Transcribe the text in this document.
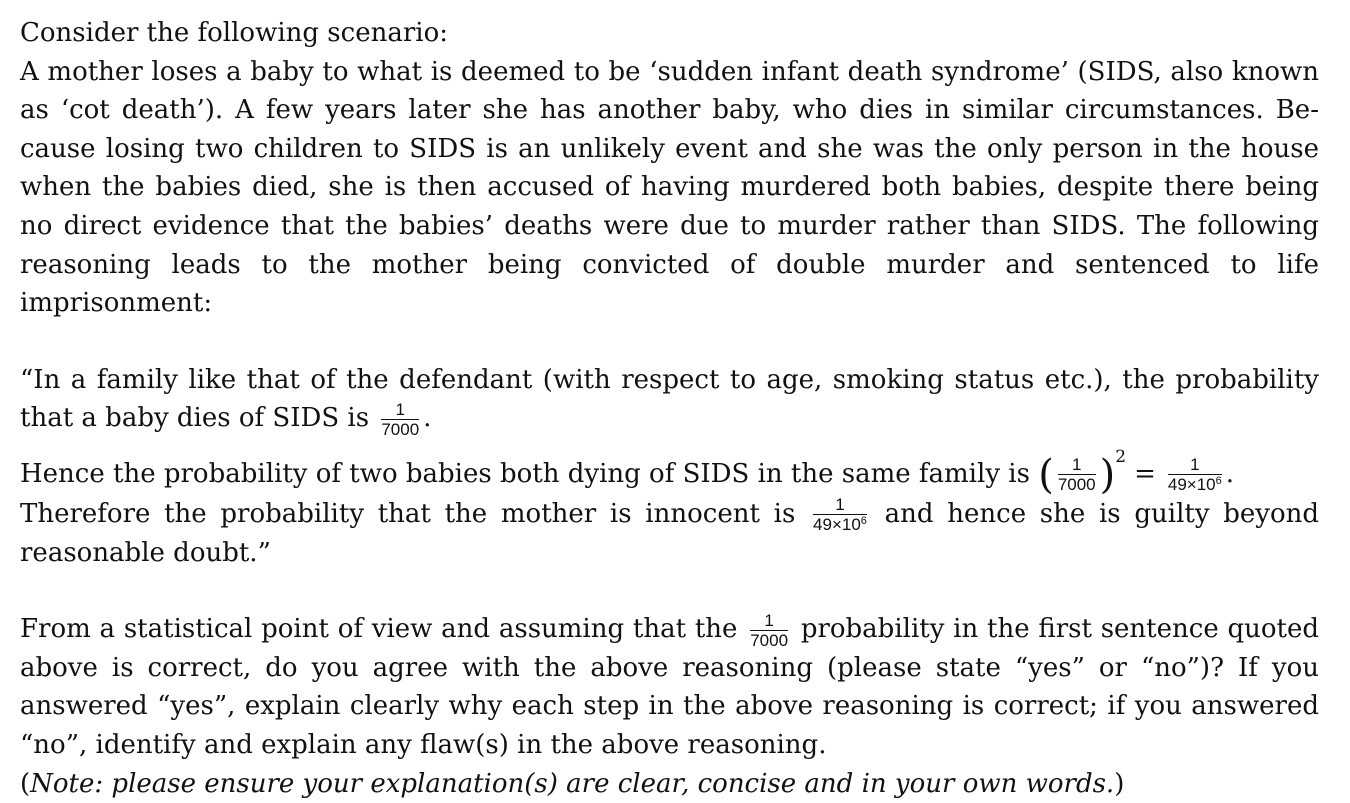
Consider the following scenario:

A mother loses a baby to what is deemed to be ‘sudden infant death syndrome’ (SIDS, also known as ‘cot death’). A few years later she has another baby, who dies in similar circumstances. Because losing two children to SIDS is an unlikely event and she was the only person in the house when the babies died, she is then accused of having murdered both babies, despite there being no direct evidence that the babies’ deaths were due to murder rather than SIDS. The following reasoning leads to the mother being convicted of double murder and sentenced to life imprisonment:

“In a family like that of the defendant (with respect to age, smoking status etc.), the probability that a baby dies of SIDS is $\frac{1}{7000}$ .

Hence the probability of two babies both dying of SIDS in the same family is ( $\frac{1}{7000} )^2= \frac{1}{49\times 10^6}$ .

Therefore the probability that the mother is innocent is $\frac{1}{49\times 10^6}$ and hence she is guilty beyond reasonable doubt.”

From a statistical point of view and assuming that the $\frac{1}{7000}$ probability in the first sentence quoted above is correct, do you agree with the above reasoning (please state “yes” or “no”)? If you answered “yes”, explain clearly why each step in the above reasoning is correct; if you answered “no”, identify and explain any flaw(s) in the above reasoning.

(Note: please ensure your explanation(s) are clear, concise and in your own words.)
